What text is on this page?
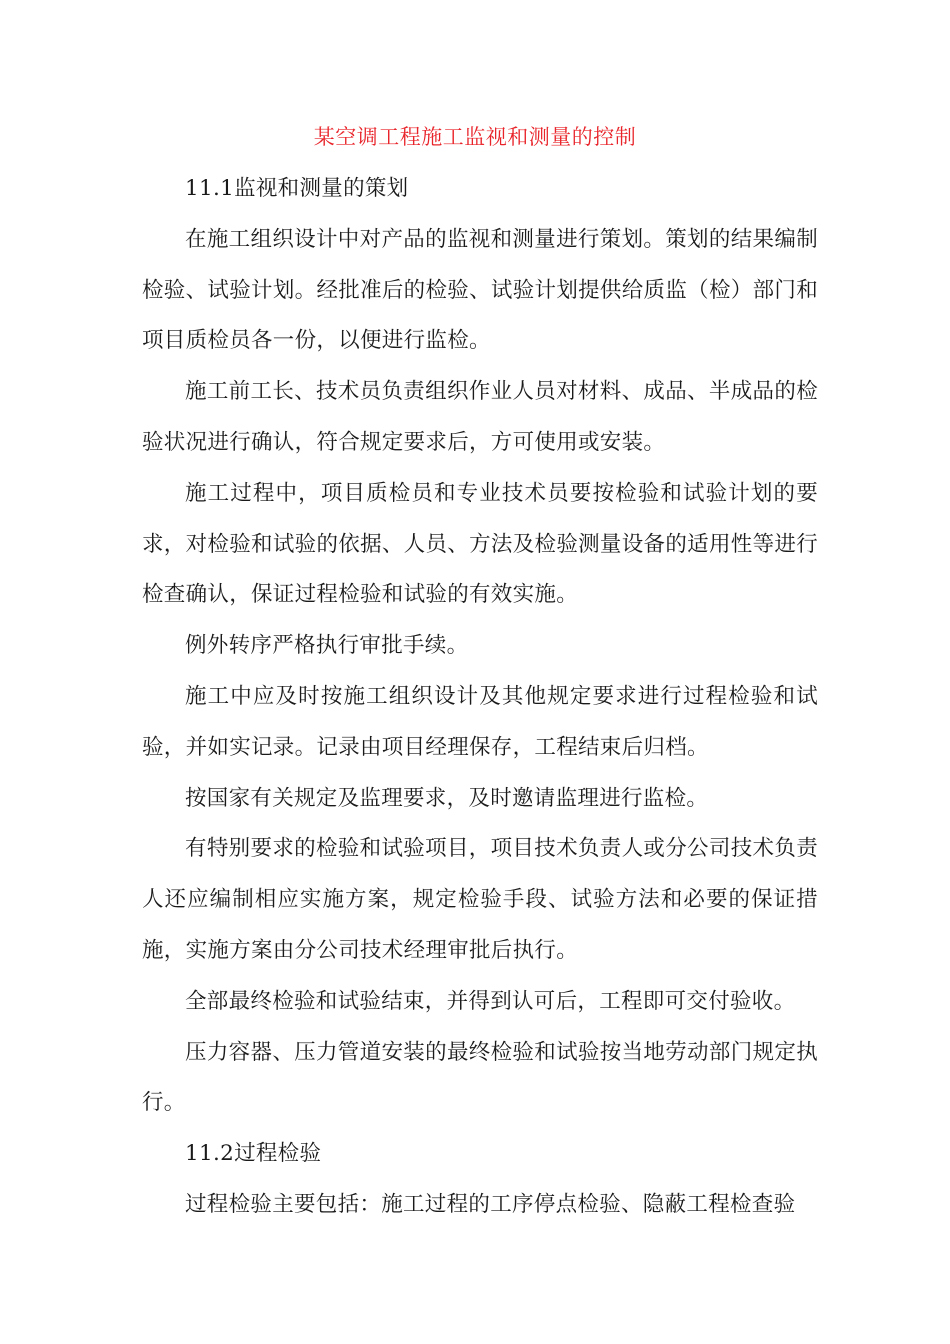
某空调工程施工监视和测量的控制

11.1监视和测量的策划

在施工组织设计中对产品的监视和测量进行策划。策划的结果编制检验、试验计划。经批准后的检验、试验计划提供给质监（检）部门和项目质检员各一份，以便进行监检。

施工前工长、技术员负责组织作业人员对材料、成品、半成品的检验状况进行确认，符合规定要求后，方可使用或安装。

施工过程中，项目质检员和专业技术员要按检验和试验计划的要求，对检验和试验的依据、人员、方法及检验测量设备的适用性等进行检查确认，保证过程检验和试验的有效实施。

例外转序严格执行审批手续。

施工中应及时按施工组织设计及其他规定要求进行过程检验和试验，并如实记录。记录由项目经理保存，工程结束后归档。

按国家有关规定及监理要求，及时邀请监理进行监检。

有特别要求的检验和试验项目，项目技术负责人或分公司技术负责人还应编制相应实施方案，规定检验手段、试验方法和必要的保证措施，实施方案由分公司技术经理审批后执行。

全部最终检验和试验结束，并得到认可后，工程即可交付验收。

压力容器、压力管道安装的最终检验和试验按当地劳动部门规定执行。

11.2过程检验

过程检验主要包括：施工过程的工序停点检验、隐蔽工程检查验
